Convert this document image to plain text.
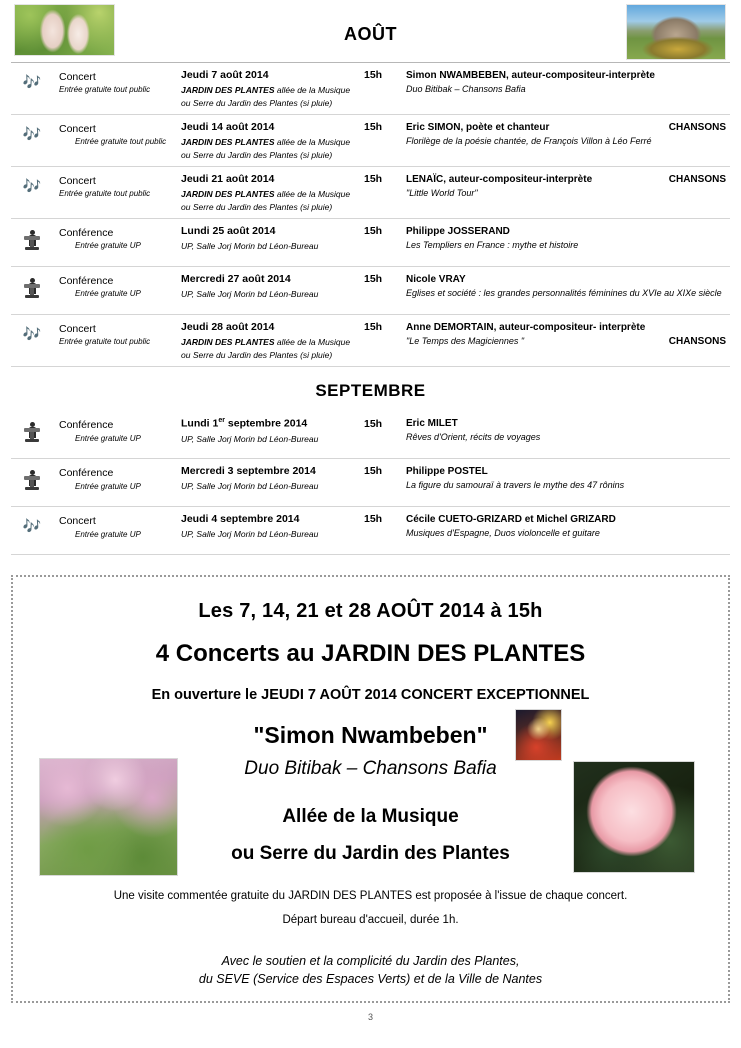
AOÛT
🎶	Concert
Entrée gratuite tout public
Jeudi 7 août 2014	15h
JARDIN DES PLANTES allée de la Musique
ou Serre du Jardin des Plantes (si pluie)
Simon NWAMBEBEN, auteur-compositeur-interprète
Duo Bitibak – Chansons Bafia
🎶	Concert
Entrée gratuite tout public
Jeudi 14 août 2014	15h
JARDIN DES PLANTES allée de la Musique
ou Serre du Jardin des Plantes (si pluie)
Eric SIMON, poète et chanteur	CHANSONS
Florilège de la poésie chantée, de François Villon à Léo Ferré
🎶	Concert
Entrée gratuite tout public
Jeudi 21 août 2014	15h
JARDIN DES PLANTES allée de la Musique
ou Serre du Jardin des Plantes (si pluie)
LENAÏC, auteur-compositeur-interprète	CHANSONS
"Little World Tour"
Conférence
Entrée gratuite UP
Lundi 25 août 2014	15h
UP, Salle Jorj Morin bd Léon-Bureau
Philippe JOSSERAND
Les Templiers en France : mythe et histoire
Conférence
Entrée gratuite UP
Mercredi 27 août 2014	15h
UP, Salle Jorj Morin bd Léon-Bureau
Nicole VRAY
Eglises et société : les grandes personnalités féminines du XVIe au XIXe siècle
🎶	Concert
Entrée gratuite tout public
Jeudi 28 août 2014	15h
JARDIN DES PLANTES allée de la Musique
ou Serre du Jardin des Plantes (si pluie)
Anne DEMORTAIN, auteur-compositeur- interprète
"Le Temps des Magiciennes "	CHANSONS
SEPTEMBRE
Conférence
Entrée gratuite UP
Lundi 1er septembre 2014	15h
UP, Salle Jorj Morin bd Léon-Bureau
Eric MILET
Rêves d'Orient, récits de voyages
Conférence
Entrée gratuite UP
Mercredi 3 septembre 2014	15h
UP, Salle Jorj Morin bd Léon-Bureau
Philippe POSTEL
La figure du samouraï à travers le mythe des 47 rônins
🎶	Concert
Entrée gratuite UP
Jeudi 4 septembre 2014	15h
UP, Salle Jorj Morin bd Léon-Bureau
Cécile CUETO-GRIZARD et Michel GRIZARD
Musiques d'Espagne, Duos violoncelle et guitare
Les 7, 14, 21 et 28 AOÛT 2014 à 15h
4 Concerts au JARDIN DES PLANTES
En ouverture le JEUDI 7 AOÛT 2014 CONCERT EXCEPTIONNEL
"Simon Nwambeben"
Duo Bitibak – Chansons Bafia
Allée de la Musique
ou Serre du Jardin des Plantes
Une visite commentée gratuite du JARDIN DES PLANTES est proposée à l'issue de chaque concert.
Départ bureau d'accueil, durée 1h.
Avec le soutien et la complicité du Jardin des Plantes,
du SEVE (Service des Espaces Verts) et de la Ville de Nantes
3
